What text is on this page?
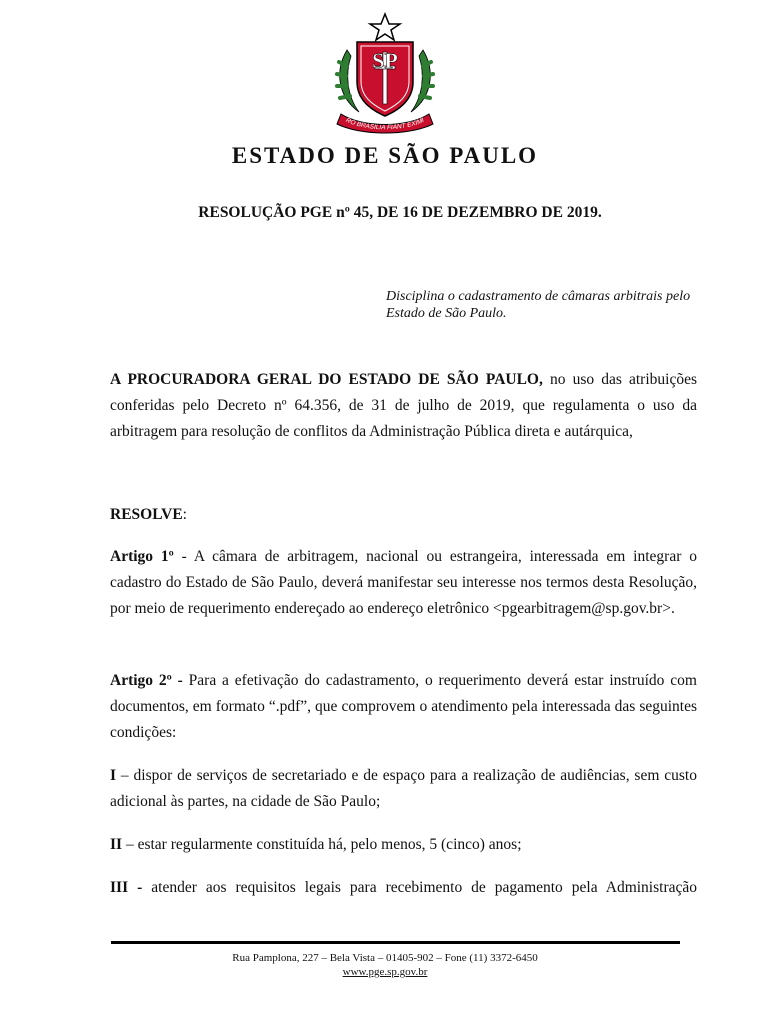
SP
RO BRASILIA FIANT EXIMI
ESTADO DE SÃO PAULO
RESOLUÇÃO PGE nº 45, DE 16 DE DEZEMBRO DE 2019.
Disciplina o cadastramento de câmaras arbitrais pelo Estado de São Paulo.
A PROCURADORA GERAL DO ESTADO DE SÃO PAULO, no uso das atribuições conferidas pelo Decreto nº 64.356, de 31 de julho de 2019, que regulamenta o uso da arbitragem para resolução de conflitos da Administração Pública direta e autárquica,
RESOLVE:
Artigo 1º - A câmara de arbitragem, nacional ou estrangeira, interessada em integrar o cadastro do Estado de São Paulo, deverá manifestar seu interesse nos termos desta Resolução, por meio de requerimento endereçado ao endereço eletrônico <pgearbitragem@sp.gov.br>.
Artigo 2º - Para a efetivação do cadastramento, o requerimento deverá estar instruído com documentos, em formato “.pdf”, que comprovem o atendimento pela interessada das seguintes condições:
I – dispor de serviços de secretariado e de espaço para a realização de audiências, sem custo adicional às partes, na cidade de São Paulo;
II – estar regularmente constituída há, pelo menos, 5 (cinco) anos;
III - atender aos requisitos legais para recebimento de pagamento pela Administração
Rua Pamplona, 227 – Bela Vista – 01405-902 – Fone (11) 3372-6450
www.pge.sp.gov.br
